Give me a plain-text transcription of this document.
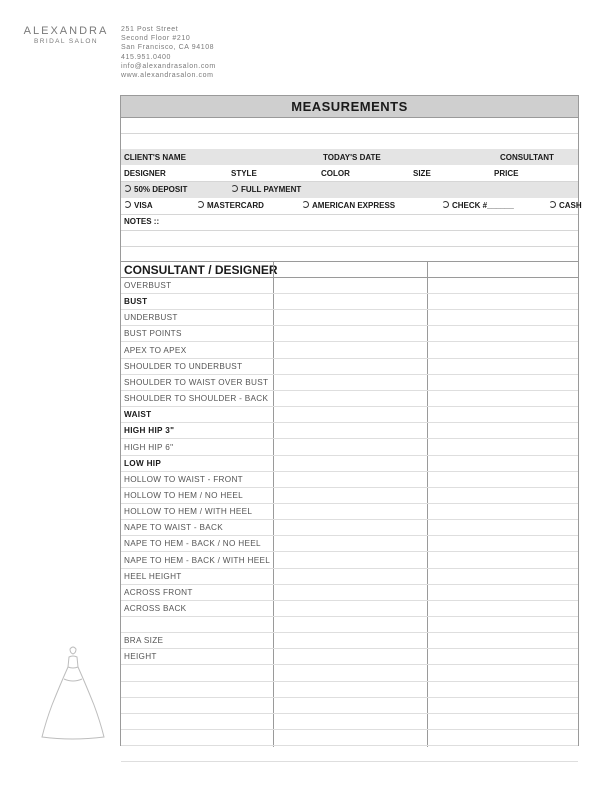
ALEXANDRA
BRIDAL SALON
251 Post Street
Second Floor #210
San Francisco, CA 94108
415.951.0400
info@alexandrasalon.com
www.alexandrasalon.com
MEASUREMENTS
CLIENT'S NAME	TODAY'S DATE	CONSULTANT
DESIGNER	STYLE	COLOR	SIZE	PRICE
50% DEPOSIT	FULL PAYMENT
VISA	MASTERCARD	AMERICAN EXPRESS	CHECK #______	CASH
NOTES ::
CONSULTANT / DESIGNER
OVERBUST
BUST
UNDERBUST
BUST POINTS
APEX TO APEX
SHOULDER TO UNDERBUST
SHOULDER TO WAIST OVER BUST
SHOULDER TO SHOULDER - BACK
WAIST
HIGH HIP 3"
HIGH HIP 6"
LOW HIP
HOLLOW TO WAIST - FRONT
HOLLOW TO HEM / NO HEEL
HOLLOW TO HEM / WITH HEEL
NAPE TO WAIST - BACK
NAPE TO HEM - BACK / NO HEEL
NAPE TO HEM - BACK / WITH HEEL
HEEL HEIGHT
ACROSS FRONT
ACROSS BACK
BRA SIZE
HEIGHT
